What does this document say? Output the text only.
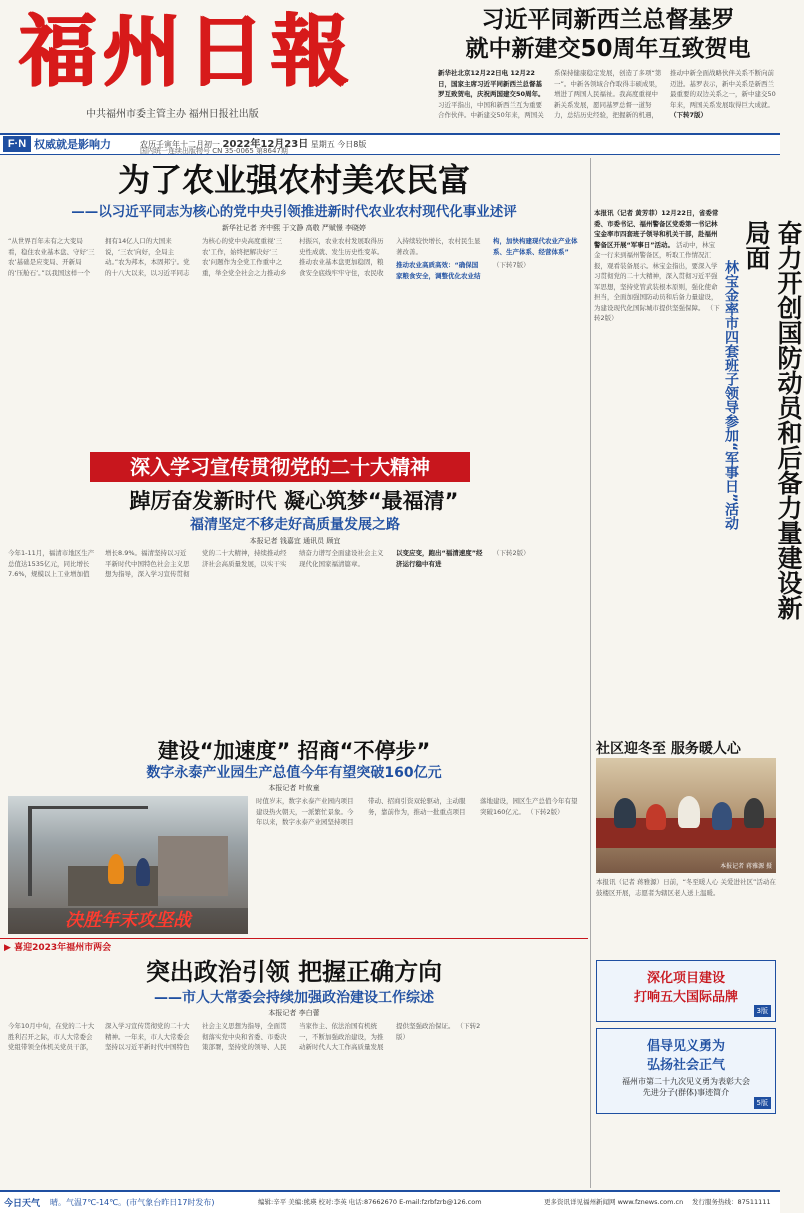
福州日報
中共福州市委主管主办 福州日报社出版
习近平同新西兰总督基罗
就中新建交50周年互致贺电
新华社北京12月22日电 12月22日，国家主席习近平同新西兰总督基罗互致贺电，庆祝两国建交50周年。 习近平指出，中国和新西兰互为重要合作伙伴。中新建交50年来，两国关系保持健康稳定发展，创造了多项“第一”。中新各领域合作取得丰硕成果，增进了两国人民福祉。我高度重视中新关系发展，愿同基罗总督一道努力，总结历史经验，把握新的机遇，推动中新全面战略伙伴关系不断向前迈进。基罗表示，新中关系是新西兰最重要的双边关系之一，新中建交50年来，两国关系发展取得巨大成就。 （下转7版）
F·N 权威就是影响力	农历壬寅年十二月初一 2022年12月23日 星期五 今日8版
国内统一连续出版物号 CN 35-0065 第8647期
为了农业强农村美农民富
——以习近平同志为核心的党中央引领推进新时代农业农村现代化事业述评
新华社记者 齐中熙 于文静 高敬 严赋憬 李晓婷
“从世界百年未有之大变局看，稳住农业基本盘、守好‘三农’基础是应变局、开新局的‘压舱石’。”以我国这样一个拥有14亿人口的大国来说，‘三农’向好，全局主动。”农为邦本，本固邦宁。党的十八大以来，以习近平同志为核心的党中央高度重视‘三农’工作，始终把解决好‘三农’问题作为全党工作重中之重，举全党全社会之力推动乡村振兴，农业农村发展取得历史性成就、发生历史性变革。推动农业基本盘更加稳固，粮食安全底线牢牢守住，农民收入持续较快增长，农村民生显著改善。
推动农业高质高效：“确保国家粮食安全，调整优化农业结构，加快构建现代农业产业体系、生产体系、经营体系”
（下转7版）
深入学习宣传贯彻党的二十大精神
踔厉奋发新时代 凝心筑梦“最福清”
福清坚定不移走好高质量发展之路
本报记者 钱嘉宜 通讯员 顾宜
今年1-11月，福清市地区生产总值达1535亿元，同比增长7.6%，规模以上工业增加值增长8.9%。福清坚持以习近平新时代中国特色社会主义思想为指导，深入学习宣传贯彻党的二十大精神，持续推动经济社会高质量发展，以实干实绩奋力谱写全面建设社会主义现代化国家福清篇章。
以变应变，跑出“福清速度”经济运行稳中有进
（下转2版）
建设“加速度” 招商“不停步”
数字永泰产业园生产总值今年有望突破160亿元
本报记者 叶攸童
决胜年末攻坚战
时值岁末，数字永泰产业园内项目建设热火朝天，一派繁忙景象。今年以来，数字永泰产业园坚持项目带动、招商引资双轮驱动，主动服务，靠前作为，推动一批重点项目落地建设，园区生产总值今年有望突破160亿元。 （下转2版）
▶ 喜迎2023年福州市两会
突出政治引领 把握正确方向
——市人大常委会持续加强政治建设工作综述
本报记者 李白蕾
今年10月中旬，在党的二十大胜利召开之际，市人大常委会党组带领全体机关党员干部，深入学习宣传贯彻党的二十大精神。一年来，市人大常委会坚持以习近平新时代中国特色社会主义思想为指导，全面贯彻落实党中央和省委、市委决策部署，坚持党的领导、人民当家作主、依法治国有机统一，不断加强政治建设，为推动新时代人大工作高质量发展提供坚强政治保证。 （下转2版）
本报讯（记者 黄芳菲）12月22日，省委常委、市委书记、福州警备区党委第一书记林宝金率市四套班子领导和机关干部，赴福州警备区开展“军事日”活动。 活动中，林宝金一行来到福州警备区，听取工作情况汇报，观看装备展示。林宝金指出，要深入学习贯彻党的二十大精神，深入贯彻习近平强军思想，坚持党管武装根本原则，强化使命担当，全面加强国防动员和后备力量建设，为建设现代化国际城市提供坚强保障。 （下转2版）	奋力开创国防动员和后备力量建设新局面
林宝金率市四套班子领导参加“军事日”活动
社区迎冬至 服务暖人心
本报记者 蒋雅源 摄
本报讯（记者 蒋雅源）日前，“冬至暖人心 关爱进社区”活动在鼓楼区开展，志愿者为辖区老人送上温暖。
深化项目建设
打响五大国际品牌
3版
倡导见义勇为
弘扬社会正气
福州市第二十九次见义勇为表彰大会
先进分子(群体)事迹简介
5版
今日天气 晴。气温7℃-14℃。(市气象台昨日17时发布)	编辑:辛平 美编:熊瑛 校对:李英 电话:87662670 E-mail:fzrbfzrb@126.com	更多资讯详见福州新闻网 www.fznews.com.cn 发行服务热线：87511111
